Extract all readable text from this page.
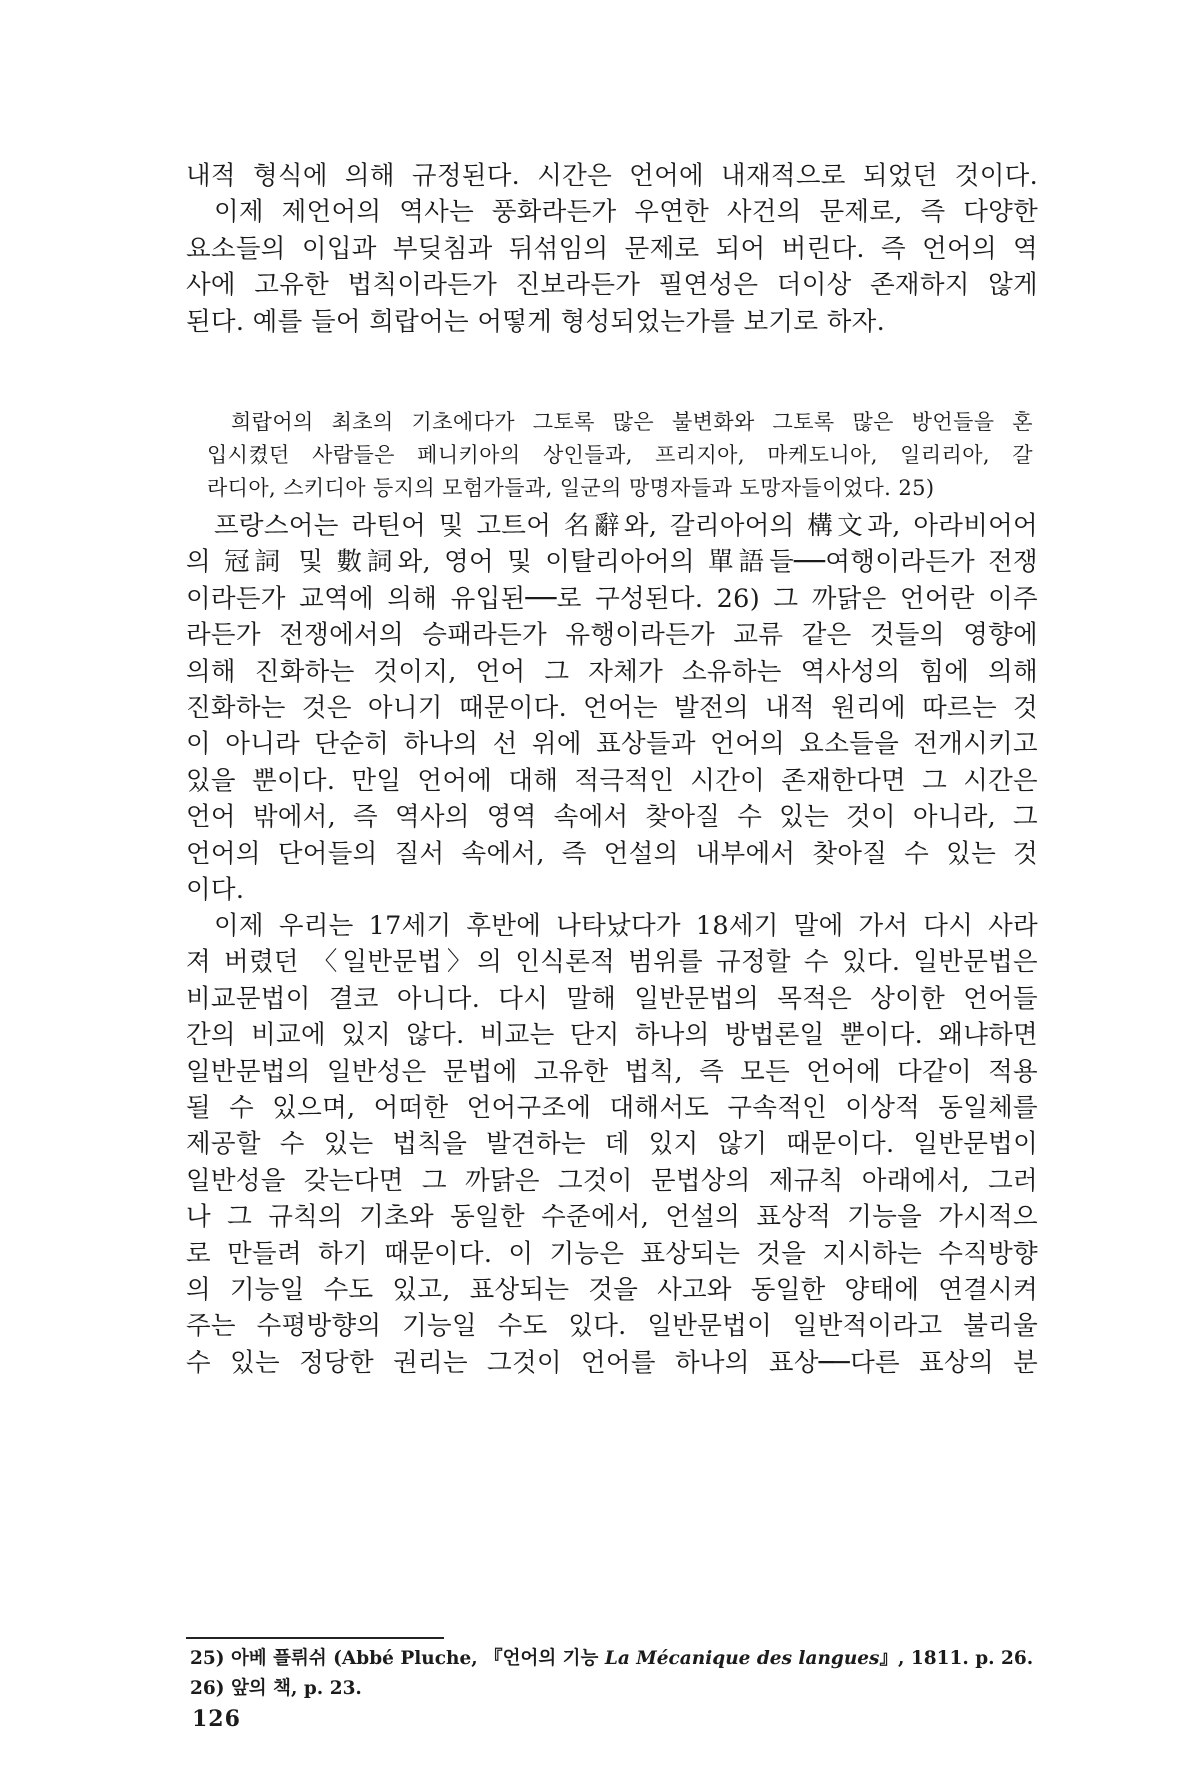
내적 형식에 의해 규정된다. 시간은 언어에 내재적으로 되었던 것이다.
이제 제언어의 역사는 풍화라든가 우연한 사건의 문제로, 즉 다양한
요소들의 이입과 부딪침과 뒤섞임의 문제로 되어 버린다. 즉 언어의 역
사에 고유한 법칙이라든가 진보라든가 필연성은 더이상 존재하지 않게
된다. 예를 들어 희랍어는 어떻게 형성되었는가를 보기로 하자.
희랍어의 최초의 기초에다가 그토록 많은 불변화와 그토록 많은 방언들을 혼
입시켰던 사람들은 페니키아의 상인들과, 프리지아, 마케도니아, 일리리아, 갈
라디아, 스키디아 등지의 모험가들과, 일군의 망명자들과 도망자들이었다. 25)
프랑스어는 라틴어 및 고트어 名辭와, 갈리아어의 構文과, 아라비어어
의 冠詞 및 數詞와, 영어 및 이탈리아어의 單語들──여행이라든가 전쟁
이라든가 교역에 의해 유입된──로 구성된다. 26) 그 까닭은 언어란 이주
라든가 전쟁에서의 승패라든가 유행이라든가 교류 같은 것들의 영향에
의해 진화하는 것이지, 언어 그 자체가 소유하는 역사성의 힘에 의해
진화하는 것은 아니기 때문이다. 언어는 발전의 내적 원리에 따르는 것
이 아니라 단순히 하나의 선 위에 표상들과 언어의 요소들을 전개시키고
있을 뿐이다. 만일 언어에 대해 적극적인 시간이 존재한다면 그 시간은
언어 밖에서, 즉 역사의 영역 속에서 찾아질 수 있는 것이 아니라, 그
언어의 단어들의 질서 속에서, 즉 언설의 내부에서 찾아질 수 있는 것
이다.
이제 우리는 17세기 후반에 나타났다가 18세기 말에 가서 다시 사라
져 버렸던 〈일반문법〉의 인식론적 범위를 규정할 수 있다. 일반문법은
비교문법이 결코 아니다. 다시 말해 일반문법의 목적은 상이한 언어들
간의 비교에 있지 않다. 비교는 단지 하나의 방법론일 뿐이다. 왜냐하면
일반문법의 일반성은 문법에 고유한 법칙, 즉 모든 언어에 다같이 적용
될 수 있으며, 어떠한 언어구조에 대해서도 구속적인 이상적 동일체를
제공할 수 있는 법칙을 발견하는 데 있지 않기 때문이다. 일반문법이
일반성을 갖는다면 그 까닭은 그것이 문법상의 제규칙 아래에서, 그러
나 그 규칙의 기초와 동일한 수준에서, 언설의 표상적 기능을 가시적으
로 만들려 하기 때문이다. 이 기능은 표상되는 것을 지시하는 수직방향
의 기능일 수도 있고, 표상되는 것을 사고와 동일한 양태에 연결시켜
주는 수평방향의 기능일 수도 있다. 일반문법이 일반적이라고 불리울
수 있는 정당한 권리는 그것이 언어를 하나의 표상──다른 표상의 분
25) 아베 플뤼쉬 (Abbé Pluche, 『언어의 기능 La Mécanique des langues』, 1811. p. 26.
26) 앞의 책, p. 23.
126
